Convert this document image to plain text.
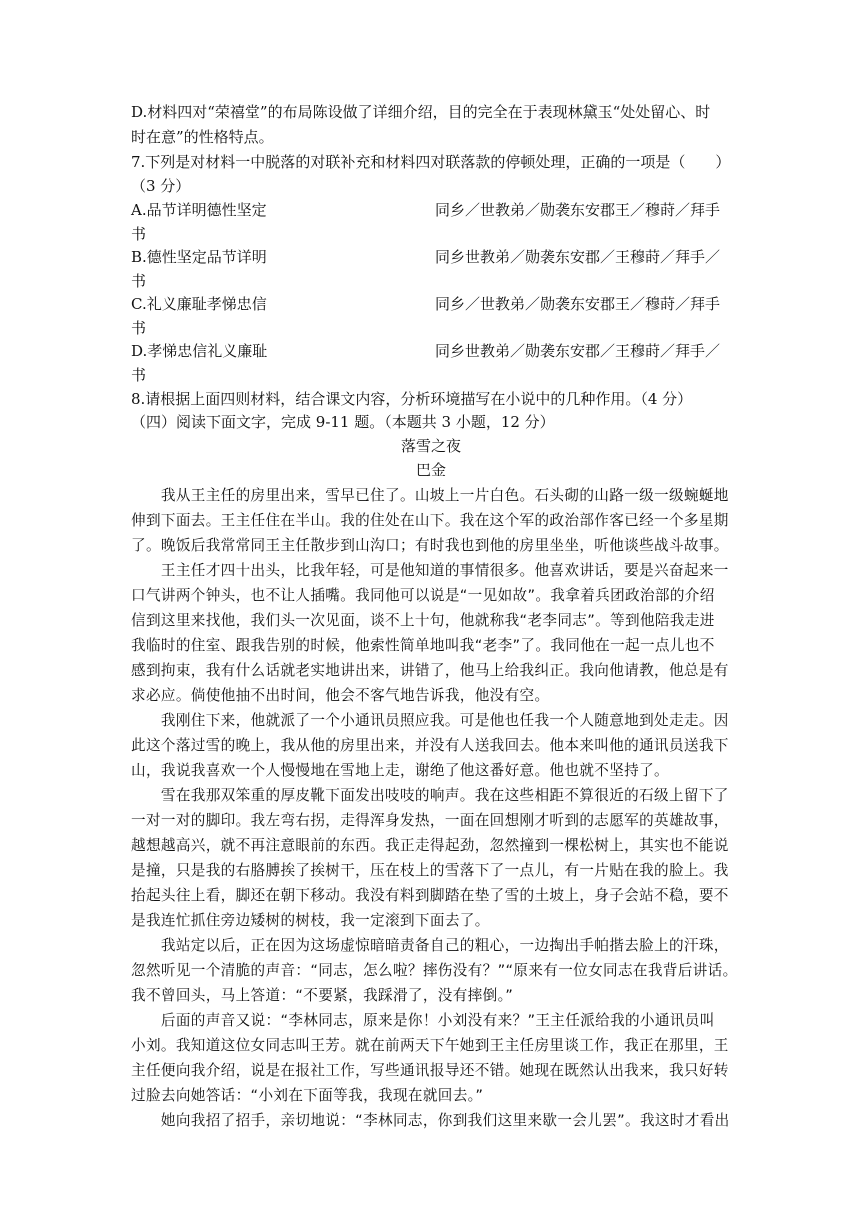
D.材料四对“荣禧堂”的布局陈设做了详细介绍，目的完全在于表现林黛玉“处处留心、时
时在意”的性格特点。
7.下列是对材料一中脱落的对联补充和材料四对联落款的停顿处理，正确的一项是（　　）
（3 分）
A.品节详明德性坚定	同乡／世教弟／勋袭东安郡王／穆莳／拜手
书
B.德性坚定品节详明	同乡世教弟／勋袭东安郡／王穆莳／拜手／
书
C.礼义廉耻孝悌忠信	同乡／世教弟／勋袭东安郡王／穆莳／拜手
书
D.孝悌忠信礼义廉耻	同乡世教弟／勋袭东安郡／王穆莳／拜手／
书
8.请根据上面四则材料，结合课文内容，分析环境描写在小说中的几种作用。（4 分）
（四）阅读下面文字，完成 9-11 题。（本题共 3 小题，12 分）
落雪之夜
巴金
　　我从王主任的房里出来，雪早已住了。山坡上一片白色。石头砌的山路一级一级蜿蜒地
伸到下面去。王主任住在半山。我的住处在山下。我在这个军的政治部作客已经一个多星期
了。晚饭后我常常同王主任散步到山沟口；有时我也到他的房里坐坐，听他谈些战斗故事。
　　王主任才四十出头，比我年轻，可是他知道的事情很多。他喜欢讲话，要是兴奋起来一
口气讲两个钟头，也不让人插嘴。我同他可以说是“一见如故”。我拿着兵团政治部的介绍
信到这里来找他，我们头一次见面，谈不上十句，他就称我“老李同志”。等到他陪我走进
我临时的住室、跟我告别的时候，他索性简单地叫我“老李”了。我同他在一起一点儿也不
感到拘束，我有什么话就老实地讲出来，讲错了，他马上给我纠正。我向他请教，他总是有
求必应。倘使他抽不出时间，他会不客气地告诉我，他没有空。
　　我刚住下来，他就派了一个小通讯员照应我。可是他也任我一个人随意地到处走走。因
此这个落过雪的晚上，我从他的房里出来，并没有人送我回去。他本来叫他的通讯员送我下
山，我说我喜欢一个人慢慢地在雪地上走，谢绝了他这番好意。他也就不坚持了。
　　雪在我那双笨重的厚皮靴下面发出吱吱的响声。我在这些相距不算很近的石级上留下了
一对一对的脚印。我左弯右拐，走得浑身发热，一面在回想刚才听到的志愿军的英雄故事，
越想越高兴，就不再注意眼前的东西。我正走得起劲，忽然撞到一棵松树上，其实也不能说
是撞，只是我的右胳膊挨了挨树干，压在枝上的雪落下了一点儿，有一片贴在我的脸上。我
抬起头往上看，脚还在朝下移动。我没有料到脚踏在垫了雪的土坡上，身子会站不稳，要不
是我连忙抓住旁边矮树的树枝，我一定滚到下面去了。
　　我站定以后，正在因为这场虚惊暗暗责备自己的粗心，一边掏出手帕揩去脸上的汗珠，
忽然听见一个清脆的声音：“同志，怎么啦？摔伤没有？”“原来有一位女同志在我背后讲话。
我不曾回头，马上答道：“不要紧，我踩滑了，没有摔倒。”
　　后面的声音又说：“李林同志，原来是你！小刘没有来？”王主任派给我的小通讯员叫
小刘。我知道这位女同志叫王芳。就在前两天下午她到王主任房里谈工作，我正在那里，王
主任便向我介绍，说是在报社工作，写些通讯报导还不错。她现在既然认出我来，我只好转
过脸去向她答话：“小刘在下面等我，我现在就回去。”
　　她向我招了招手，亲切地说：“李林同志，你到我们这里来歇一会儿罢”。我这时才看出
